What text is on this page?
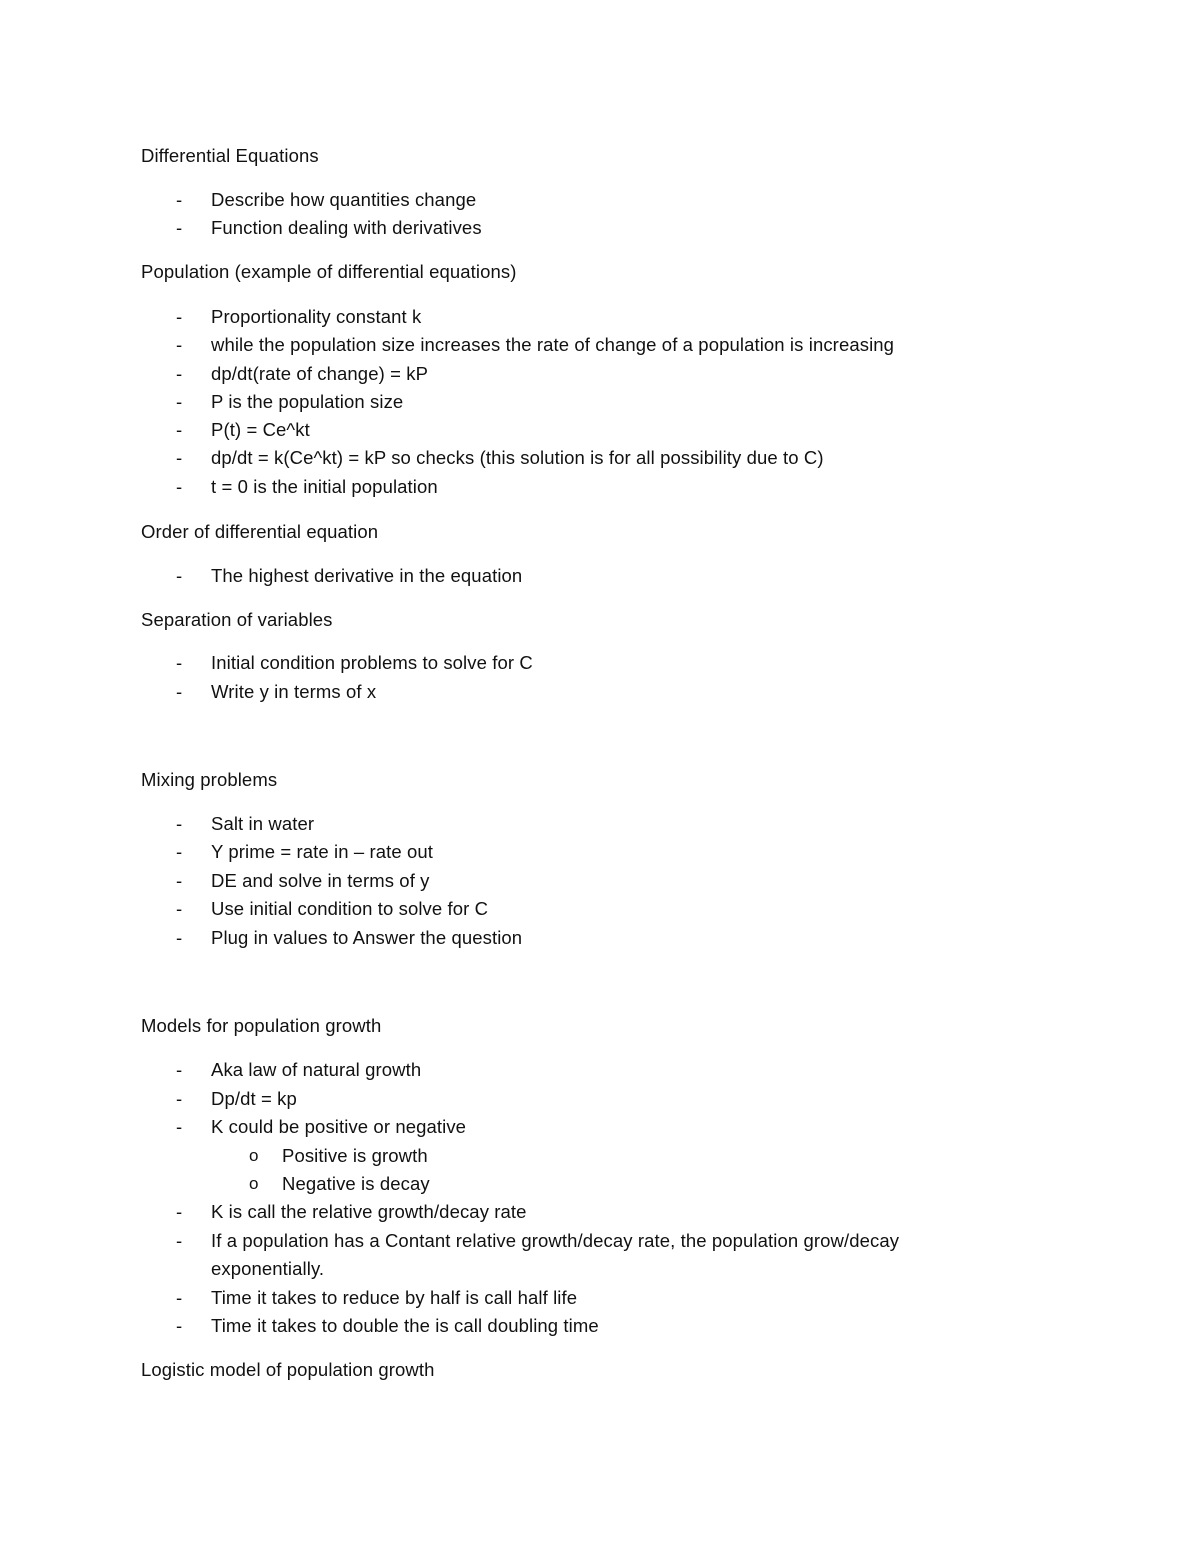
Differential Equations
- Describe how quantities change
- Function dealing with derivatives
Population (example of differential equations)
- Proportionality constant k
- while the population size increases the rate of change of a population is increasing
- dp/dt(rate of change) = kP
- P is the population size
- P(t) = Ce^kt
- dp/dt = k(Ce^kt) = kP so checks (this solution is for all possibility due to C)
- t = 0 is the initial population
Order of differential equation
- The highest derivative in the equation
Separation of variables
- Initial condition problems to solve for C
- Write y in terms of x
Mixing problems
- Salt in water
- Y prime = rate in – rate out
- DE and solve in terms of y
- Use initial condition to solve for C
- Plug in values to Answer the question
Models for population growth
- Aka law of natural growth
- Dp/dt = kp
- K could be positive or negative
o Positive is growth
o Negative is decay
- K is call the relative growth/decay rate
- If a population has a Contant relative growth/decay rate, the population grow/decay
exponentially.
- Time it takes to reduce by half is call half life
- Time it takes to double the is call doubling time
Logistic model of population growth
